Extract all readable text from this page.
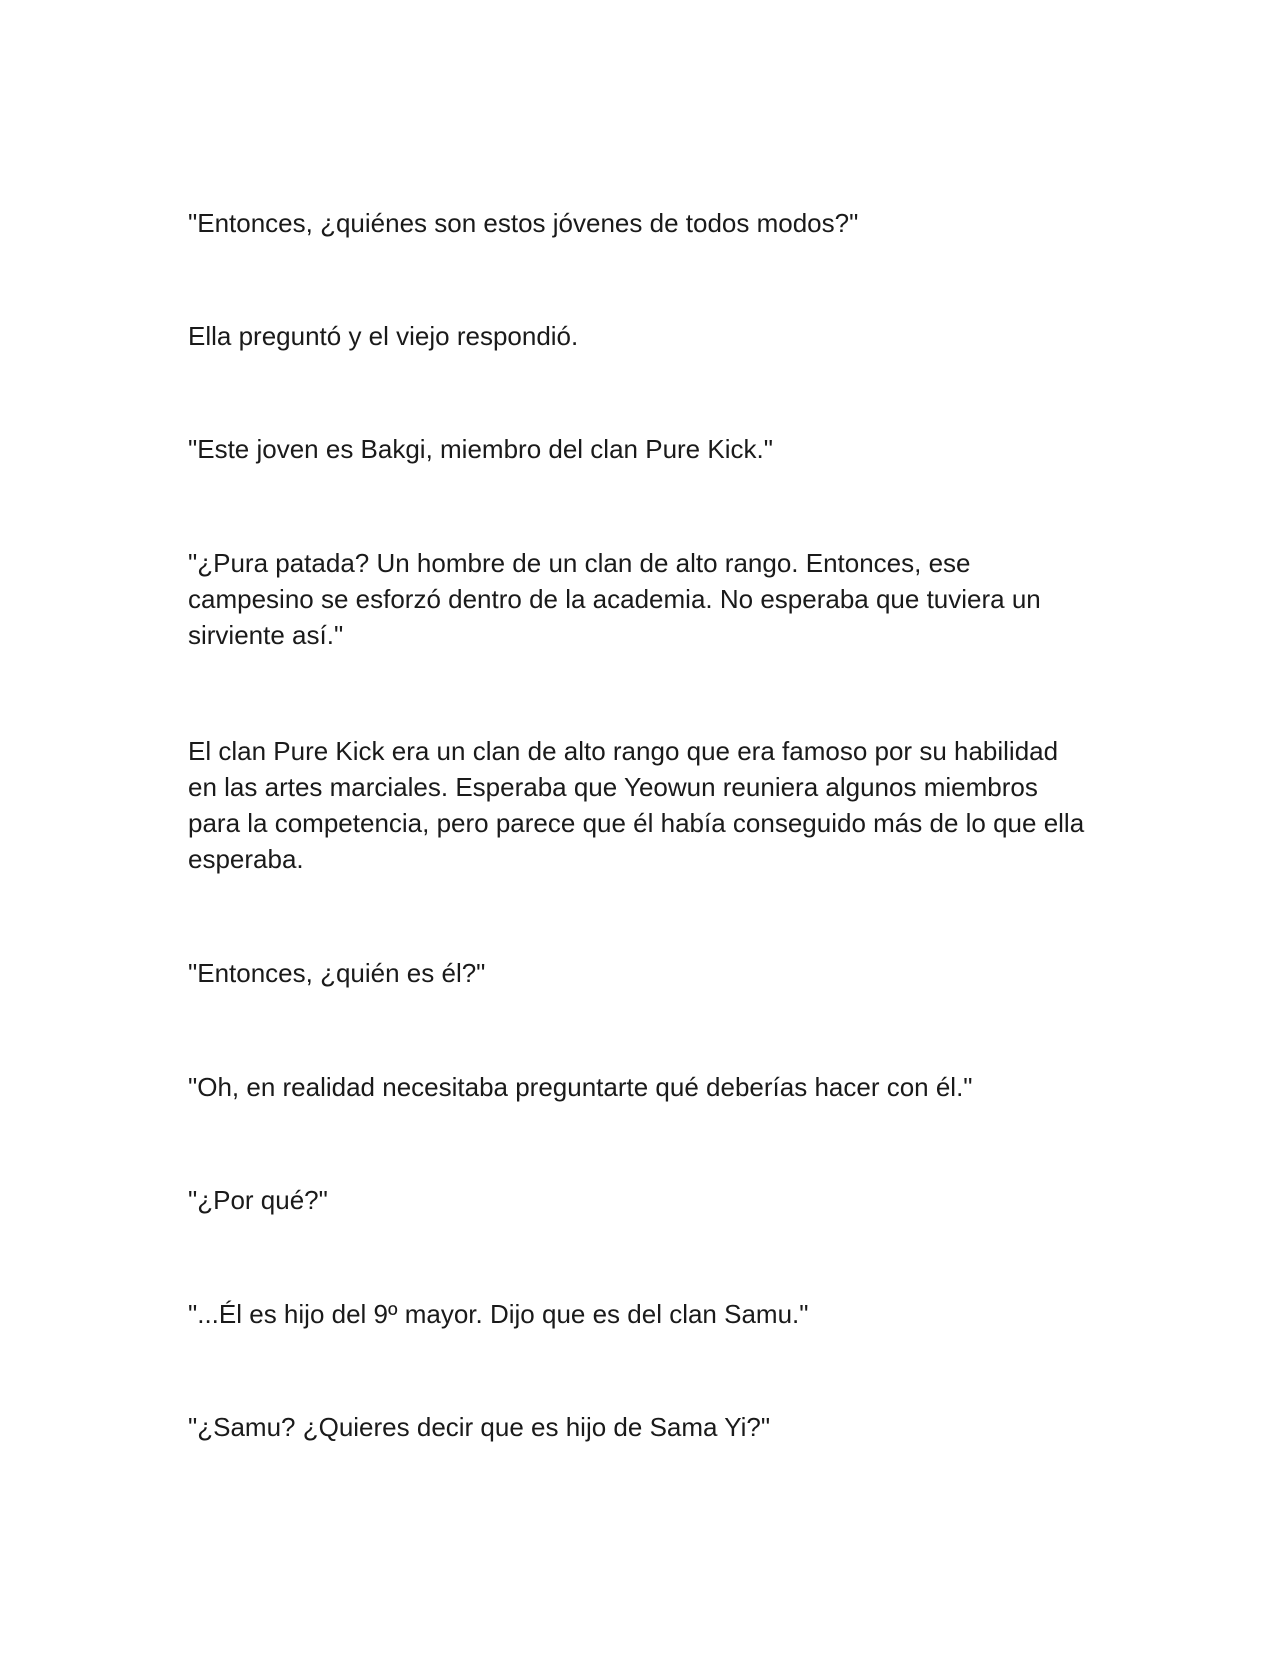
"Entonces, ¿quiénes son estos jóvenes de todos modos?"

Ella preguntó y el viejo respondió.

"Este joven es Bakgi, miembro del clan Pure Kick."

"¿Pura patada? Un hombre de un clan de alto rango. Entonces, ese campesino se esforzó dentro de la academia. No esperaba que tuviera un sirviente así."

El clan Pure Kick era un clan de alto rango que era famoso por su habilidad en las artes marciales. Esperaba que Yeowun reuniera algunos miembros para la competencia, pero parece que él había conseguido más de lo que ella esperaba.

"Entonces, ¿quién es él?"

"Oh, en realidad necesitaba preguntarte qué deberías hacer con él."

"¿Por qué?"

"...Él es hijo del 9º mayor. Dijo que es del clan Samu."

"¿Samu? ¿Quieres decir que es hijo de Sama Yi?"
